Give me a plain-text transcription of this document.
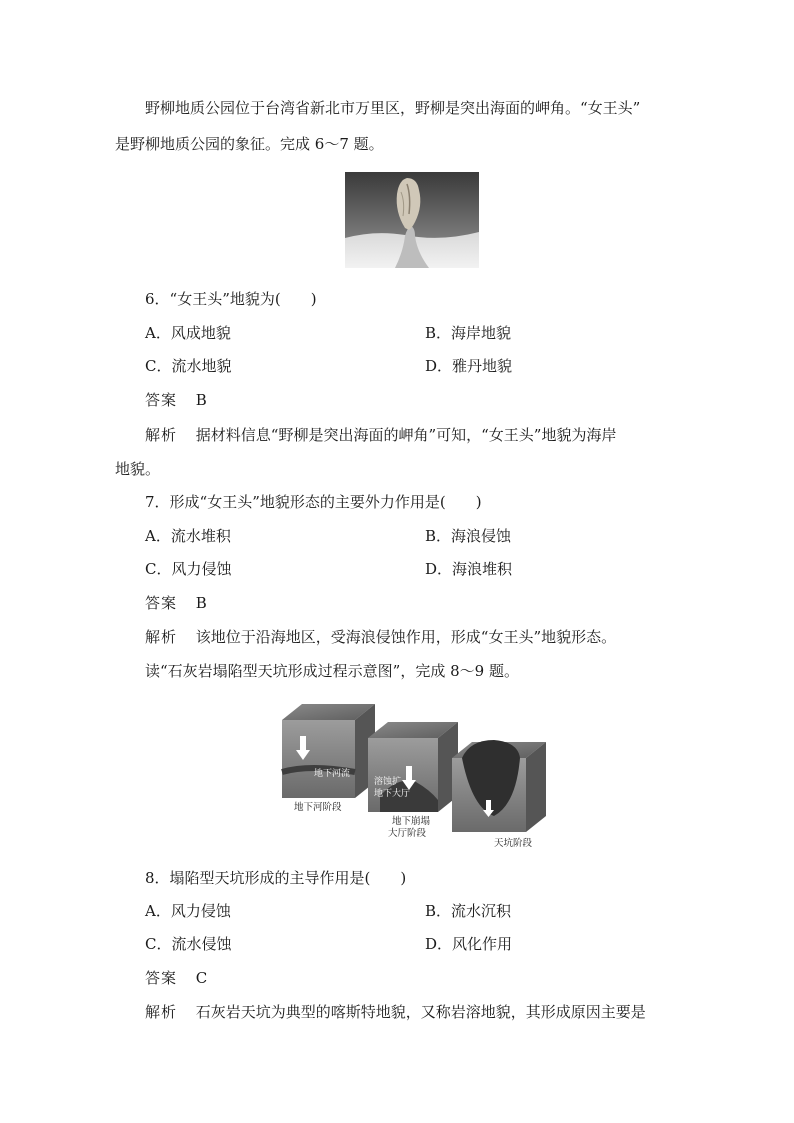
野柳地质公园位于台湾省新北市万里区，野柳是突出海面的岬角。“女王头”
是野柳地质公园的象征。完成 6～7 题。
6．“女王头”地貌为(　　)
A．风成地貌	B．海岸地貌
C．流水地貌	D．雅丹地貌
答案 B
解析 据材料信息“野柳是突出海面的岬角”可知，“女王头”地貌为海岸
地貌。
7．形成“女王头”地貌形态的主要外力作用是(　　)
A．流水堆积	B．海浪侵蚀
C．风力侵蚀	D．海浪堆积
答案 B
解析 该地位于沿海地区，受海浪侵蚀作用，形成“女王头”地貌形态。
读“石灰岩塌陷型天坑形成过程示意图”，完成 8～9 题。
地下河流
溶蚀扩
地下大厅
地下河阶段
地下崩塌
大厅阶段
天坑阶段
8．塌陷型天坑形成的主导作用是(　　)
A．风力侵蚀	B．流水沉积
C．流水侵蚀	D．风化作用
答案 C
解析 石灰岩天坑为典型的喀斯特地貌，又称岩溶地貌，其形成原因主要是
